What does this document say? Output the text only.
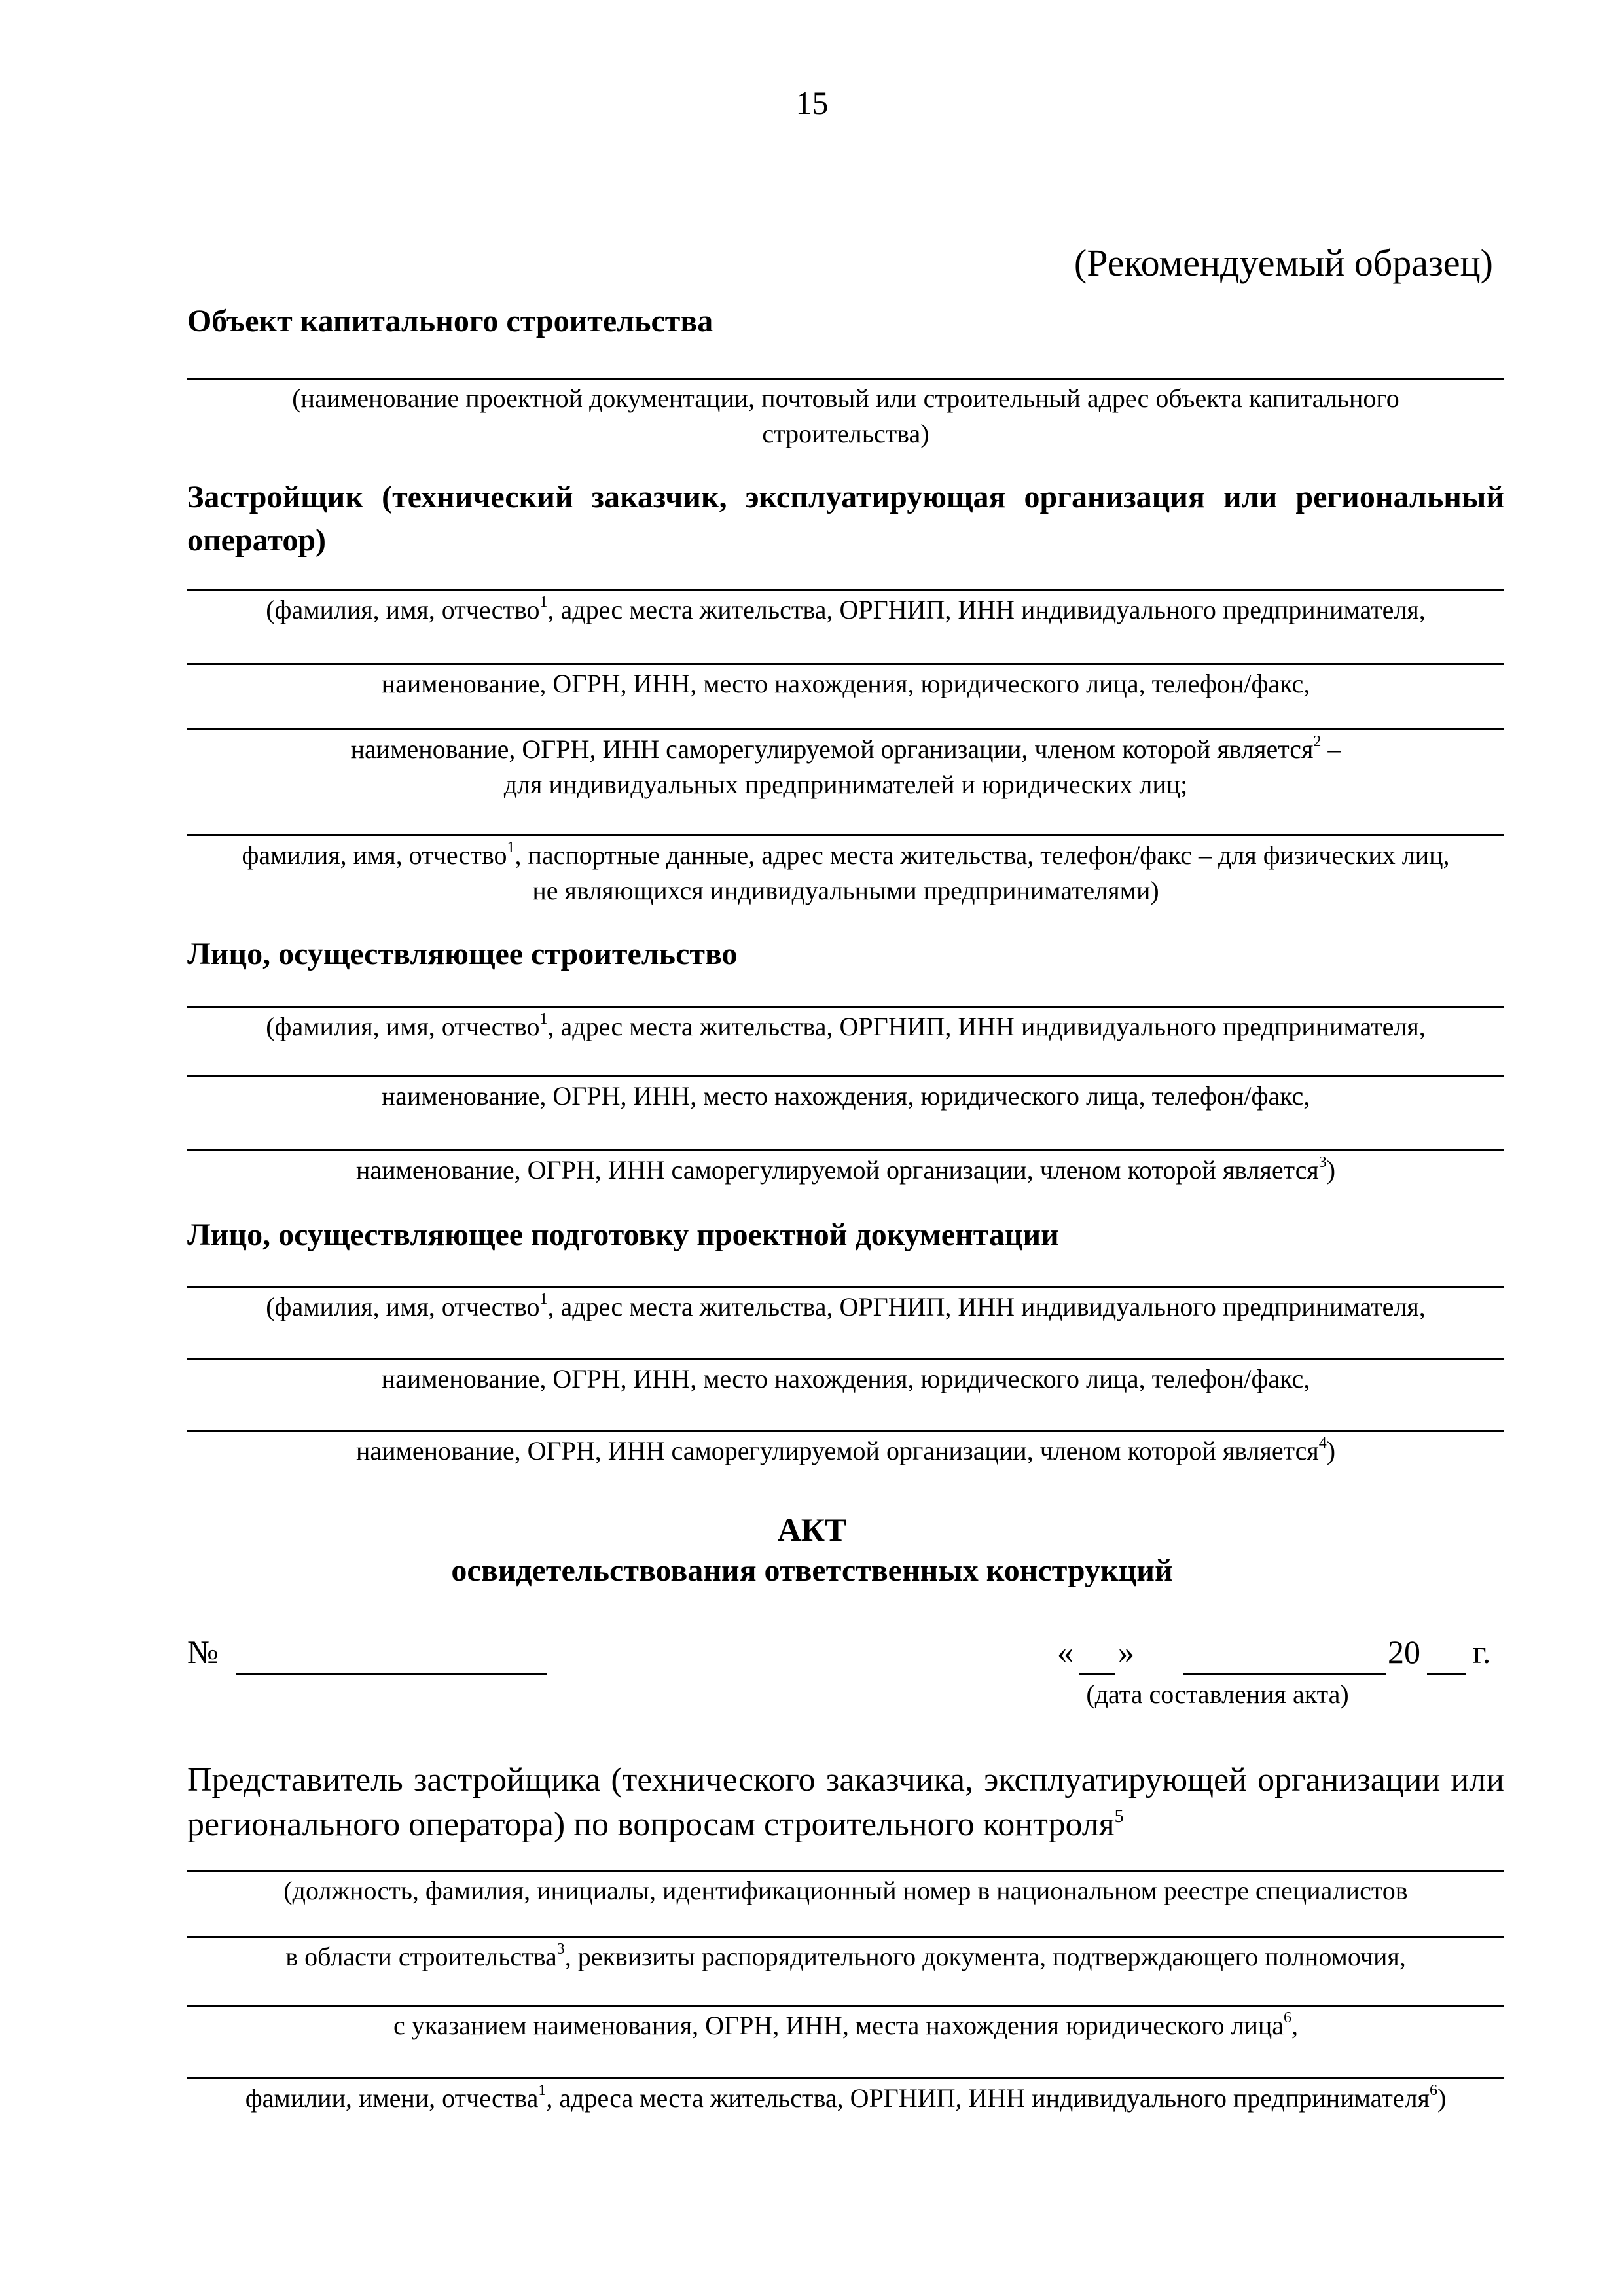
15
(Рекомендуемый образец)
Объект капитального строительства
(наименование проектной документации, почтовый или строительный адрес объекта капитального
строительства)
Застройщик (технический заказчик, эксплуатирующая организация или региональный оператор)
(фамилия, имя, отчество$^1$, адрес места жительства, ОРГНИП, ИНН индивидуального предпринимателя,
наименование, ОГРН, ИНН, место нахождения, юридического лица, телефон/факс,
наименование, ОГРН, ИНН саморегулируемой организации, членом которой является$^2$ –
для индивидуальных предпринимателей и юридических лиц;
фамилия, имя, отчество$^1$, паспортные данные, адрес места жительства, телефон/факс – для физических лиц,
не являющихся индивидуальными предпринимателями)
Лицо, осуществляющее строительство
(фамилия, имя, отчество$^1$, адрес места жительства, ОРГНИП, ИНН индивидуального предпринимателя,
наименование, ОГРН, ИНН, место нахождения, юридического лица, телефон/факс,
наименование, ОГРН, ИНН саморегулируемой организации, членом которой является$^3$)
Лицо, осуществляющее подготовку проектной документации
(фамилия, имя, отчество$^1$, адрес места жительства, ОРГНИП, ИНН индивидуального предпринимателя,
наименование, ОГРН, ИНН, место нахождения, юридического лица, телефон/факс,
наименование, ОГРН, ИНН саморегулируемой организации, членом которой является$^4$)
АКТ
освидетельствования ответственных конструкций
№	« »	20 г.
(дата составления акта)
Представитель застройщика (технического заказчика, эксплуатирующей организации или регионального оператора) по вопросам строительного контроля$^5$
(должность, фамилия, инициалы, идентификационный номер в национальном реестре специалистов
в области строительства$^3$, реквизиты распорядительного документа, подтверждающего полномочия,
с указанием наименования, ОГРН, ИНН, места нахождения юридического лица$^6$,
фамилии, имени, отчества$^1$, адреса места жительства, ОРГНИП, ИНН индивидуального предпринимателя$^6$)
